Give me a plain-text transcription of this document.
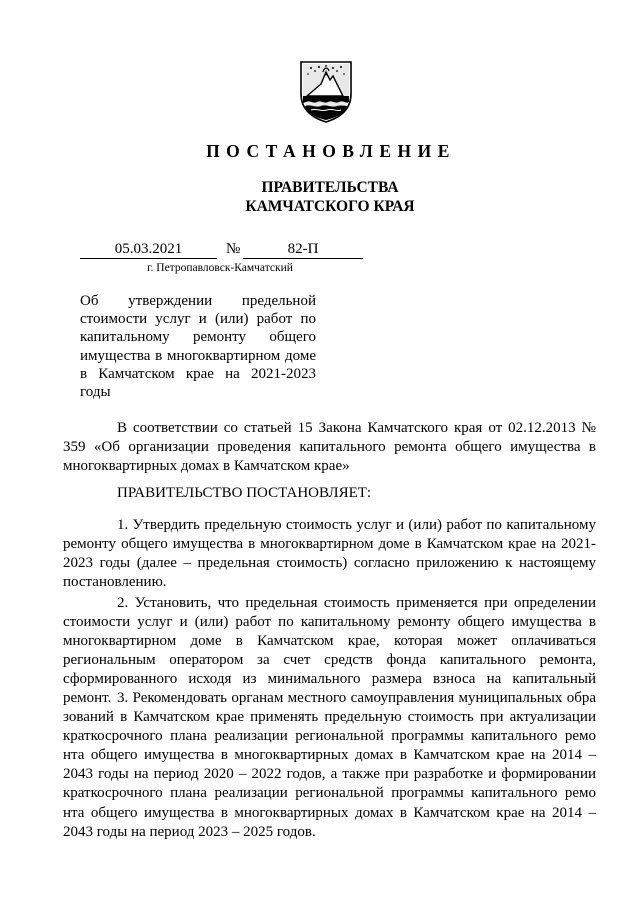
ПОСТАНОВЛЕНИЕ
ПРАВИТЕЛЬСТВА
КАМЧАТСКОГО КРАЯ
05.03.2021	№	82-П
г. Петропавловск-Камчатский
Об утверждении предельной стоимости услуг и (или) работ по капитальному ремонту общего имущества в многоквартирном доме в Камчатском крае на 2021-2023 годы

В соответствии со статьей 15 Закона Камчатского края от 02.12.2013 № 359 «Об организации проведения капитального ремонта общего имущества в многоквартирных домах в Камчатском крае»

ПРАВИТЕЛЬСТВО ПОСТАНОВЛЯЕТ:

1. Утвердить предельную стоимость услуг и (или) работ по капитальному ремонту общего имущества в многоквартирном доме в Камчатском крае на 2021-2023 годы (далее – предельная стоимость) согласно приложению к настоящему постановлению.

2. Установить, что предельная стоимость применяется при определении стоимости услуг и (или) работ по капитальному ремонту общего имущества в многоквартирном доме в Камчатском крае, которая может оплачиваться региональным оператором за счет средств фонда капитального ремонта, сформированного исходя из минимального размера взноса на капитальный ремонт. 3. Рекомендовать органам местного самоуправления муниципальных обра зований в Камчатском крае применять предельную стоимость при актуализации краткосрочного плана реализации региональной программы капитального ремо нта общего имущества в многоквартирных домах в Камчатском крае на 2014 – 2043 годы на период 2020 – 2022 годов, а также при разработке и формировании краткосрочного плана реализации региональной программы капитального ремо нта общего имущества в многоквартирных домах в Камчатском крае на 2014 – 2043 годы на период 2023 – 2025 годов.
